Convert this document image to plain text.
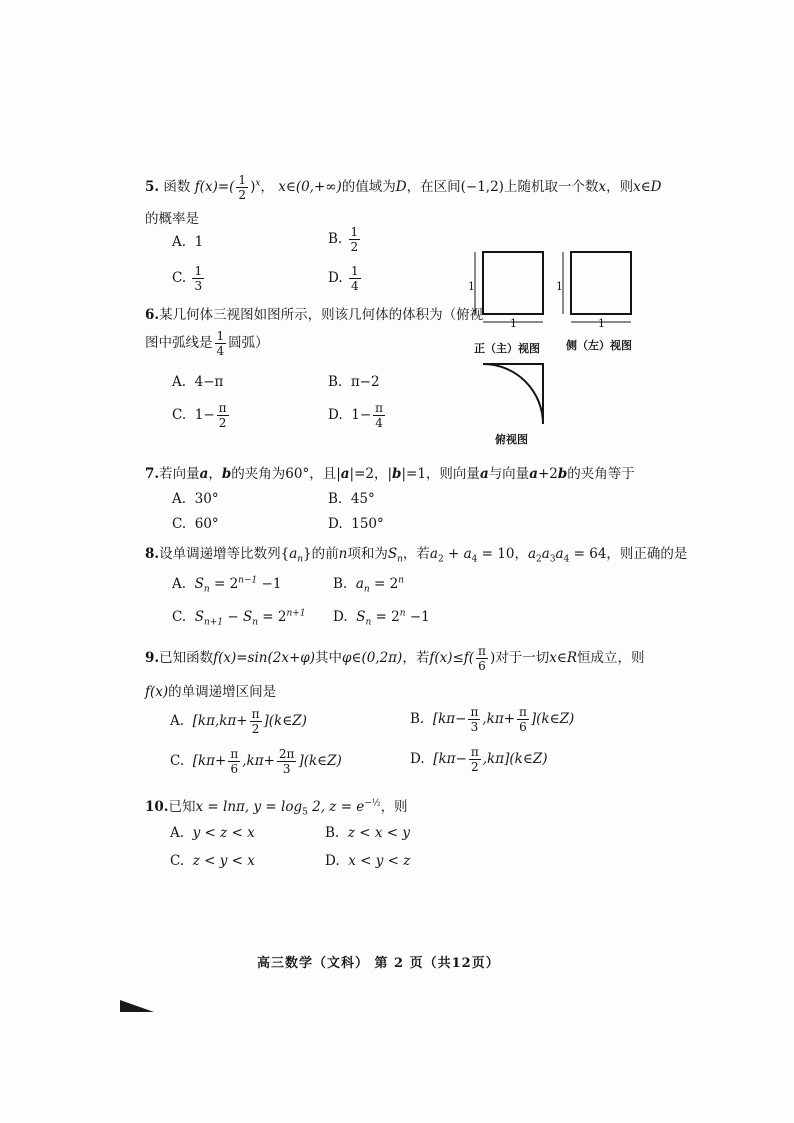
5. 函数 $f(x)=( \frac{1}{2} )^x$， x∈(0,+∞)的值域为D，在区间(−1,2)上随机取一个数x，则x∈D
的概率是
A. 1	B. $\frac{1}{2}$
C. $\frac{1}{3}$	D. $\frac{1}{4}$
6.某几何体三视图如图所示，则该几何体的体积为（俯视
图中弧线是 $\frac{1}{4}$ 圆弧）
A. 4−π	B. π−2
C. $1- \frac{\pi}{2}$	D. $1- \frac{\pi}{4}$
1
1
1
1
正（主）视图 侧（左）视图
俯视图
7.若向量a，b的夹角为60°，且|a|=2，|b|=1，则向量a与向量a+2b的夹角等于
A. 30°	B. 45°
C. 60°	D. 150°
8.设单调递增等比数列$\{a_n\}$的前n项和为$S_n$，若$a_2 + a_4 = 10$，$a_2a_3a_4 = 64$，则正确的是
A. $S_n = 2^{n-1} -1$	B. $a_n = 2^n$
C. $S_{n+1} - S_n = 2^{n+1}$ D. $S_n = 2^n -1$
9.已知函数f(x)=sin(2x+φ)其中φ∈(0,2π)，若$f(x)\le f( \frac{\pi}{6}$ )对于一切x∈R恒成立，则
f(x)的单调递增区间是
A. [$k\pi,k\pi+ \frac{\pi}{2}$ ](k∈Z)	B. [$k\pi- \frac{\pi}{3} ,k\pi+ \frac{\pi}{6}$ ](k∈Z)
C. [$k\pi+ \frac{\pi}{6} ,k\pi+ \frac{2\pi}{3}$ ](k∈Z)	D. [$k\pi- \frac{\pi}{2}$ ,kπ](k∈Z)
10.已知x = lnπ, $y = \log_5 2$, $z = e^{-\frac{1}{2}}$，则
A. y < z < x	B. z < x < y
C. z < y < x	D. x < y < z
高三数学（文科） 第 2 页（共12页）
